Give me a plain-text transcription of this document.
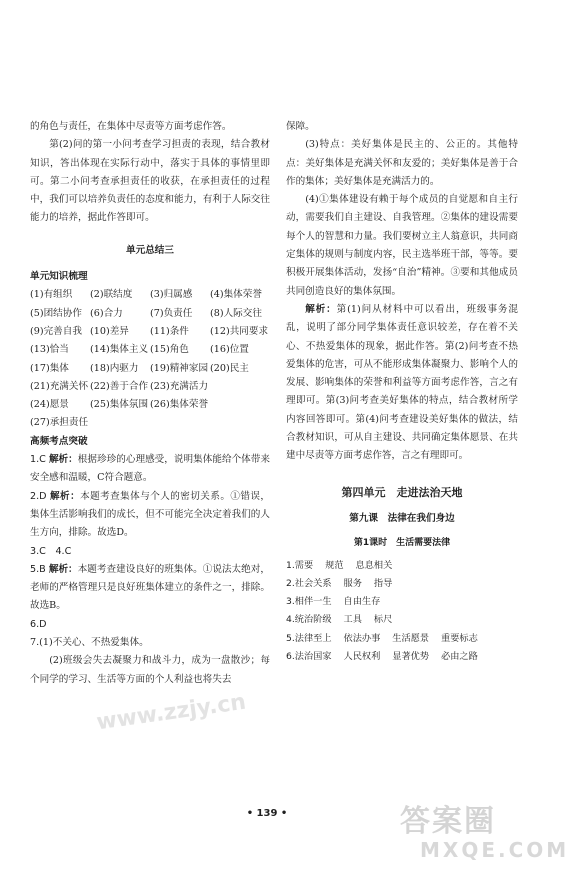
的角色与责任，在集体中尽责等方面考虑作答。

第(2)问的第一小问考查学习担责的表现，结合教材知识，答出体现在实际行动中，落实于具体的事情里即可。第二小问考查承担责任的收获，在承担责任的过程中，我们可以培养负责任的态度和能力，有利于人际交往能力的培养，据此作答即可。

单元总结三

单元知识梳理

(1)有组织	(2)联结度	(3)归属感	(4)集体荣誉
(5)团结协作 (6)合力	(7)负责任	(8)人际交往
(9)完善自我 (10)差异	(11)条件	(12)共同要求
(13)恰当	(14)集体主义 (15)角色	(16)位置
(17)集体	(18)内驱力	(19)精神家园 (20)民主
(21)充满关怀 (22)善于合作 (23)充满活力
(24)愿景	(25)集体氛围 (26)集体荣誉
(27)承担责任

高频考点突破

1.C 解析：根据珍珍的心理感受，说明集体能给个体带来安全感和温暖，C符合题意。

2.D 解析：本题考查集体与个人的密切关系。①错误，集体生活影响我们的成长，但不可能完全决定着我们的人生方向，排除。故选D。

3.C　4.C

5.B 解析：本题考查建设良好的班集体。①说法太绝对，老师的严格管理只是良好班集体建立的条件之一，排除。故选B。

6.D

7.(1)不关心、不热爱集体。

(2)班级会失去凝聚力和战斗力，成为一盘散沙；每个同学的学习、生活等方面的个人利益也将失去

保障。

(3)特点：美好集体是民主的、公正的。其他特点：美好集体是充满关怀和友爱的；美好集体是善于合作的集体；美好集体是充满活力的。

(4)①集体建设有赖于每个成员的自觉愿和自主行动，需要我们自主建设、自我管理。②集体的建设需要每个人的智慧和力量。我们要树立主人翁意识，共同商定集体的规则与制度内容，民主选举班干部，等等。要积极开展集体活动，发扬“自治”精神。③要和其他成员共同创造良好的集体氛围。

解析：第(1)问从材料中可以看出，班级事务混乱，说明了部分同学集体责任意识较差，存在着不关心、不热爱集体的现象，据此作答。第(2)问考查不热爱集体的危害，可从不能形成集体凝聚力、影响个人的发展、影响集体的荣誉和利益等方面考虑作答，言之有理即可。第(3)问考查美好集体的特点，结合教材所学内容回答即可。第(4)问考查建设美好集体的做法，结合教材知识，可从自主建设、共同确定集体愿景、在共建中尽责等方面考虑作答，言之有理即可。

第四单元　走进法治天地
第九课　法律在我们身边
第1课时　生活需要法律
1.需要 规范 息息相关
2.社会关系 服务 指导
3.相伴一生 自由生存
4.统治阶级 工具 标尺
5.法律至上 依法办事 生活愿景 重要标志
6.法治国家 人民权利 显著优势 必由之路
• 139 •
www.zzjy.cn
答案圈
MXQE.COM
